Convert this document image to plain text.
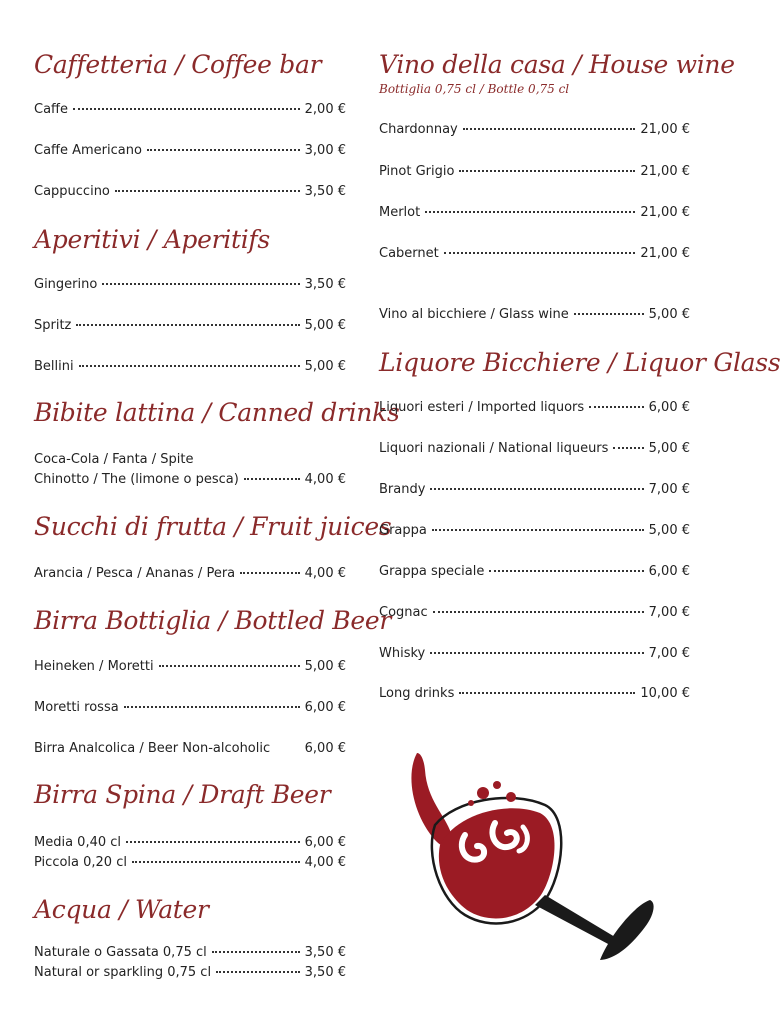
Caffetteria / Coffee bar
Caffe	2,00 €
Caffe Americano	3,00 €
Cappuccino	3,50 €
Aperitivi / Aperitifs
Gingerino	3,50 €
Spritz	5,00 €
Bellini	5,00 €
Bibite lattina / Canned drinks
Coca-Cola / Fanta / Spite
Chinotto / The (limone o pesca)	4,00 €
Succhi di frutta / Fruit juices
Arancia / Pesca / Ananas / Pera	4,00 €
Birra Bottiglia / Bottled Beer
Heineken / Moretti	5,00 €
Moretti rossa	6,00 €
Birra Analcolica / Beer Non-alcoholic	6,00 €
Birra Spina / Draft Beer
Media 0,40 cl	6,00 €
Piccola 0,20 cl	4,00 €
Acqua / Water
Naturale o Gassata 0,75 cl	3,50 €
Natural or sparkling 0,75 cl	3,50 €
Vino della casa / House wine
Bottiglia 0,75 cl / Bottle 0,75 cl
Chardonnay	21,00 €
Pinot Grigio	21,00 €
Merlot	21,00 €
Cabernet	21,00 €
Vino al bicchiere / Glass wine	5,00 €
Liquore Bicchiere / Liquor Glass
Liquori esteri / Imported liquors	6,00 €
Liquori nazionali / National liqueurs	5,00 €
Brandy	7,00 €
Grappa	5,00 €
Grappa speciale	6,00 €
Cognac	7,00 €
Whisky	7,00 €
Long drinks	10,00 €
